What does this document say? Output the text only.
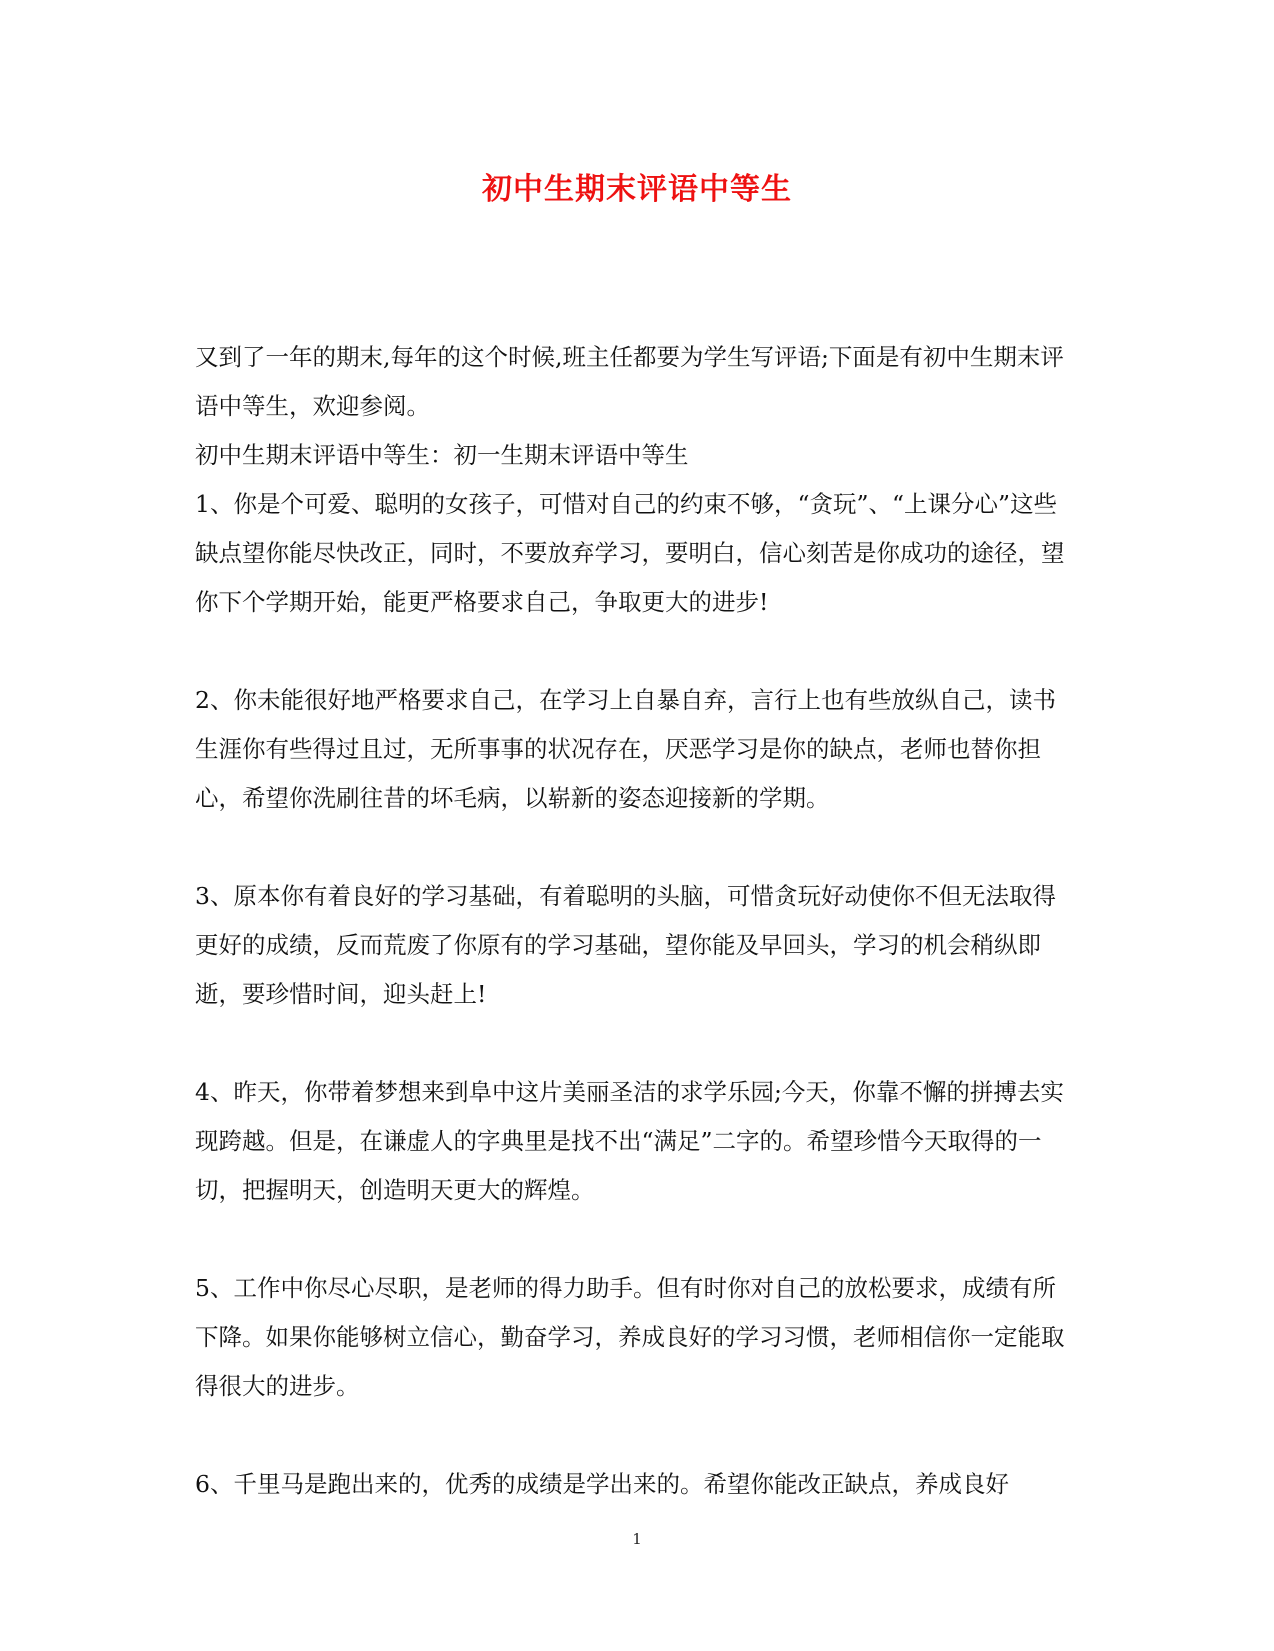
初中生期末评语中等生

又到了一年的期末,每年的这个时候,班主任都要为学生写评语;下面是有初中生期末评语中等生，欢迎参阅。

初中生期末评语中等生：初一生期末评语中等生

1、你是个可爱、聪明的女孩子，可惜对自己的约束不够，“贪玩”、“上课分心”这些缺点望你能尽快改正，同时，不要放弃学习，要明白，信心刻苦是你成功的途径，望你下个学期开始，能更严格要求自己，争取更大的进步!

2、你未能很好地严格要求自己，在学习上自暴自弃，言行上也有些放纵自己，读书生涯你有些得过且过，无所事事的状况存在，厌恶学习是你的缺点，老师也替你担心，希望你洗刷往昔的坏毛病，以崭新的姿态迎接新的学期。

3、原本你有着良好的学习基础，有着聪明的头脑，可惜贪玩好动使你不但无法取得更好的成绩，反而荒废了你原有的学习基础，望你能及早回头，学习的机会稍纵即逝，要珍惜时间，迎头赶上!

4、昨天，你带着梦想来到阜中这片美丽圣洁的求学乐园;今天，你靠不懈的拼搏去实现跨越。但是，在谦虚人的字典里是找不出“满足”二字的。希望珍惜今天取得的一切，把握明天，创造明天更大的辉煌。

5、工作中你尽心尽职，是老师的得力助手。但有时你对自己的放松要求，成绩有所下降。如果你能够树立信心，勤奋学习，养成良好的学习习惯，老师相信你一定能取得很大的进步。

6、千里马是跑出来的，优秀的成绩是学出来的。希望你能改正缺点，养成良好

1
